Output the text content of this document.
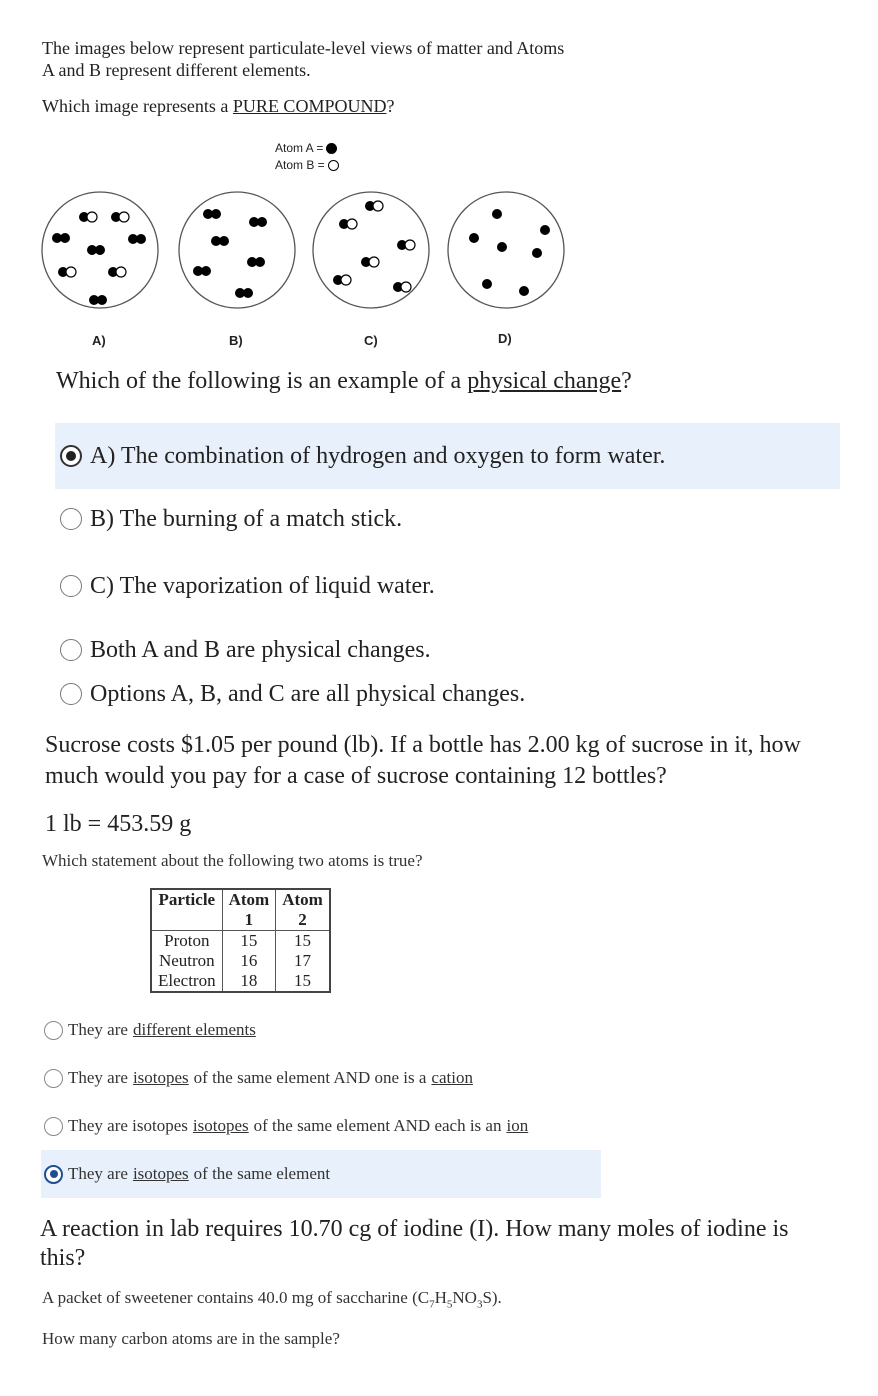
The images below represent particulate-level views of matter and Atoms
A and B represent different elements.
Which image represents a PURE COMPOUND?
Atom A =
Atom B =
A)	B)	C)	D)
Which of the following is an example of a physical change?
A) The combination of hydrogen and oxygen to form water.
B) The burning of a match stick.
C) The vaporization of liquid water.
Both A and B are physical changes.
Options A, B, and C are all physical changes.
Sucrose costs $1.05 per pound (lb). If a bottle has 2.00 kg of sucrose in it, how much would you pay for a case of sucrose containing 12 bottles?
1 lb = 453.59 g
Which statement about the following two atoms is true?
Particle	Atom	Atom
	1	2
Proton	15	15
Neutron	16	17
Electron	18	15
They are different elements
They are isotopes of the same element AND one is a cation
They are isotopes isotopes of the same element AND each is an ion
They are isotopes of the same element
A reaction in lab requires 10.70 cg of iodine (I). How many moles of iodine is this?
A packet of sweetener contains 40.0 mg of saccharine $(C_7H_5NO_3S)$.
How many carbon atoms are in the sample?
